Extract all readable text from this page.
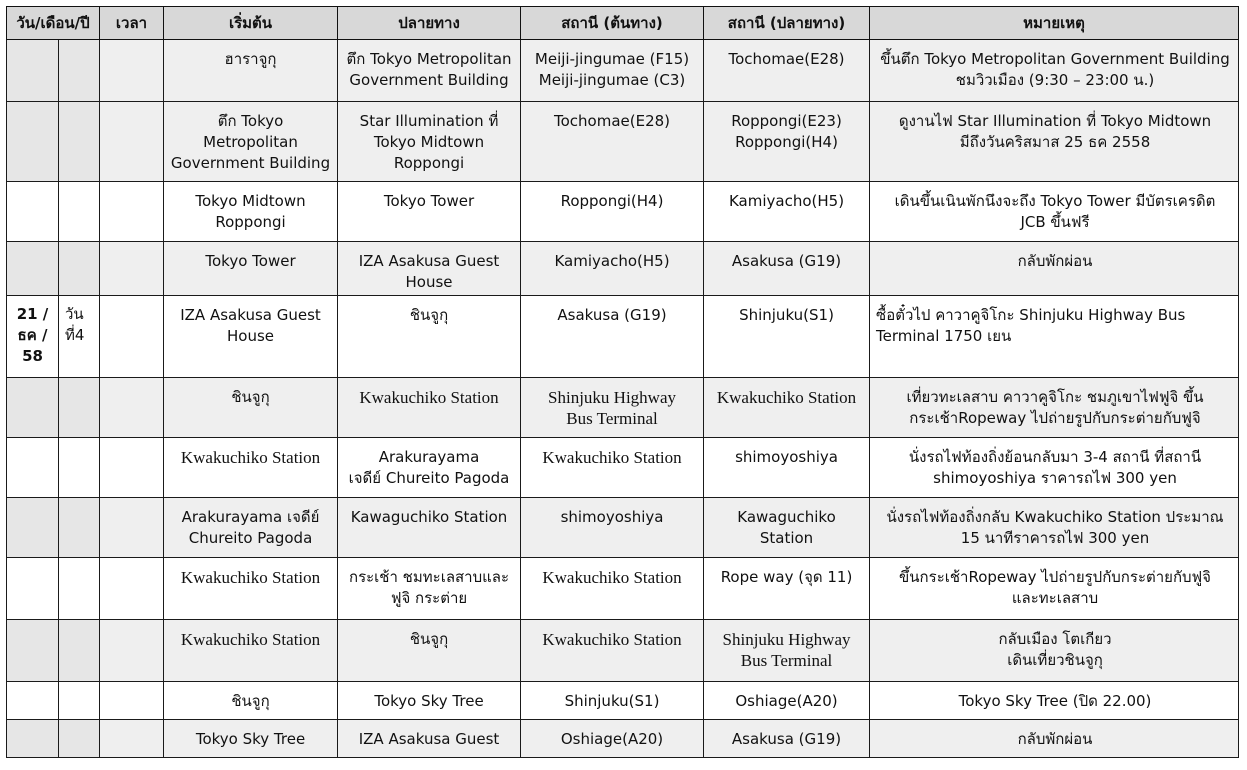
วัน/เดือน/ปี		เวลา	เริ่มต้น	ปลายทาง	สถานี (ต้นทาง)	สถานี (ปลายทาง)	หมายเหตุ

			ฮาราจูกุ	ตึก Tokyo Metropolitan
Government Building	Meiji-jingumae (F15)
Meiji-jingumae (C3)	Tochomae(E28)	ขึ้นตึก Tokyo Metropolitan Government Building
ชมวิวเมือง (9:30 – 23:00 น.)

			ตึก Tokyo
Metropolitan
Government Building	Star Illumination ที่
Tokyo Midtown
Roppongi	Tochomae(E28)	Roppongi(E23)
Roppongi(H4)	ดูงานไฟ Star Illumination ที่ Tokyo Midtown
มีถึงวันคริสมาส 25 ธค 2558

			Tokyo Midtown
Roppongi	Tokyo Tower	Roppongi(H4)	Kamiyacho(H5)	เดินขึ้นเนินพักนึงจะถึง Tokyo Tower มีบัตรเครดิต
JCB ขึ้นฟรี

			Tokyo Tower	IZA Asakusa Guest
House	Kamiyacho(H5)	Asakusa (G19)	กลับพักผ่อน

21 / ธค / 58	วัน ที่4		IZA Asakusa Guest
House	ชินจูกุ	Asakusa (G19)	Shinjuku(S1)	ซื้อตั๋วไป คาวาคูจิโกะ Shinjuku Highway Bus
Terminal 1750 เยน

			ชินจูกุ	Kwakuchiko Station	Shinjuku Highway
Bus Terminal	Kwakuchiko Station	เที่ยวทะเลสาบ คาวาคูจิโกะ ชมภูเขาไฟฟูจิ ขึ้น
กระเช้าRopeway ไปถ่ายรูปกับกระต่ายกับฟูจิ

			Kwakuchiko Station	Arakurayama
เจดีย์ Chureito Pagoda	Kwakuchiko Station	shimoyoshiya	นั่งรถไฟท้องถิ่งย้อนกลับมา 3-4 สถานี ที่สถานี
shimoyoshiya ราคารถไฟ 300 yen

			Arakurayama เจดีย์
Chureito Pagoda	Kawaguchiko Station	shimoyoshiya	Kawaguchiko Station	นั่งรถไฟท้องถิ่งกลับ Kwakuchiko Station ประมาณ
15 นาทีราคารถไฟ 300 yen

			Kwakuchiko Station	กระเช้า ชมทะเลสาบและ
ฟูจิ กระต่าย	Kwakuchiko Station	Rope way (จุด 11)	ขึ้นกระเช้าRopeway ไปถ่ายรูปกับกระต่ายกับฟูจิ
และทะเลสาบ

			Kwakuchiko Station	ชินจูกุ	Kwakuchiko Station	Shinjuku Highway
Bus Terminal	กลับเมือง โตเกียว
เดินเที่ยวชินจูกุ

			ชินจูกุ	Tokyo Sky Tree	Shinjuku(S1)	Oshiage(A20)	Tokyo Sky Tree (ปิด 22.00)

			Tokyo Sky Tree	IZA Asakusa Guest	Oshiage(A20)	Asakusa (G19)	กลับพักผ่อน
